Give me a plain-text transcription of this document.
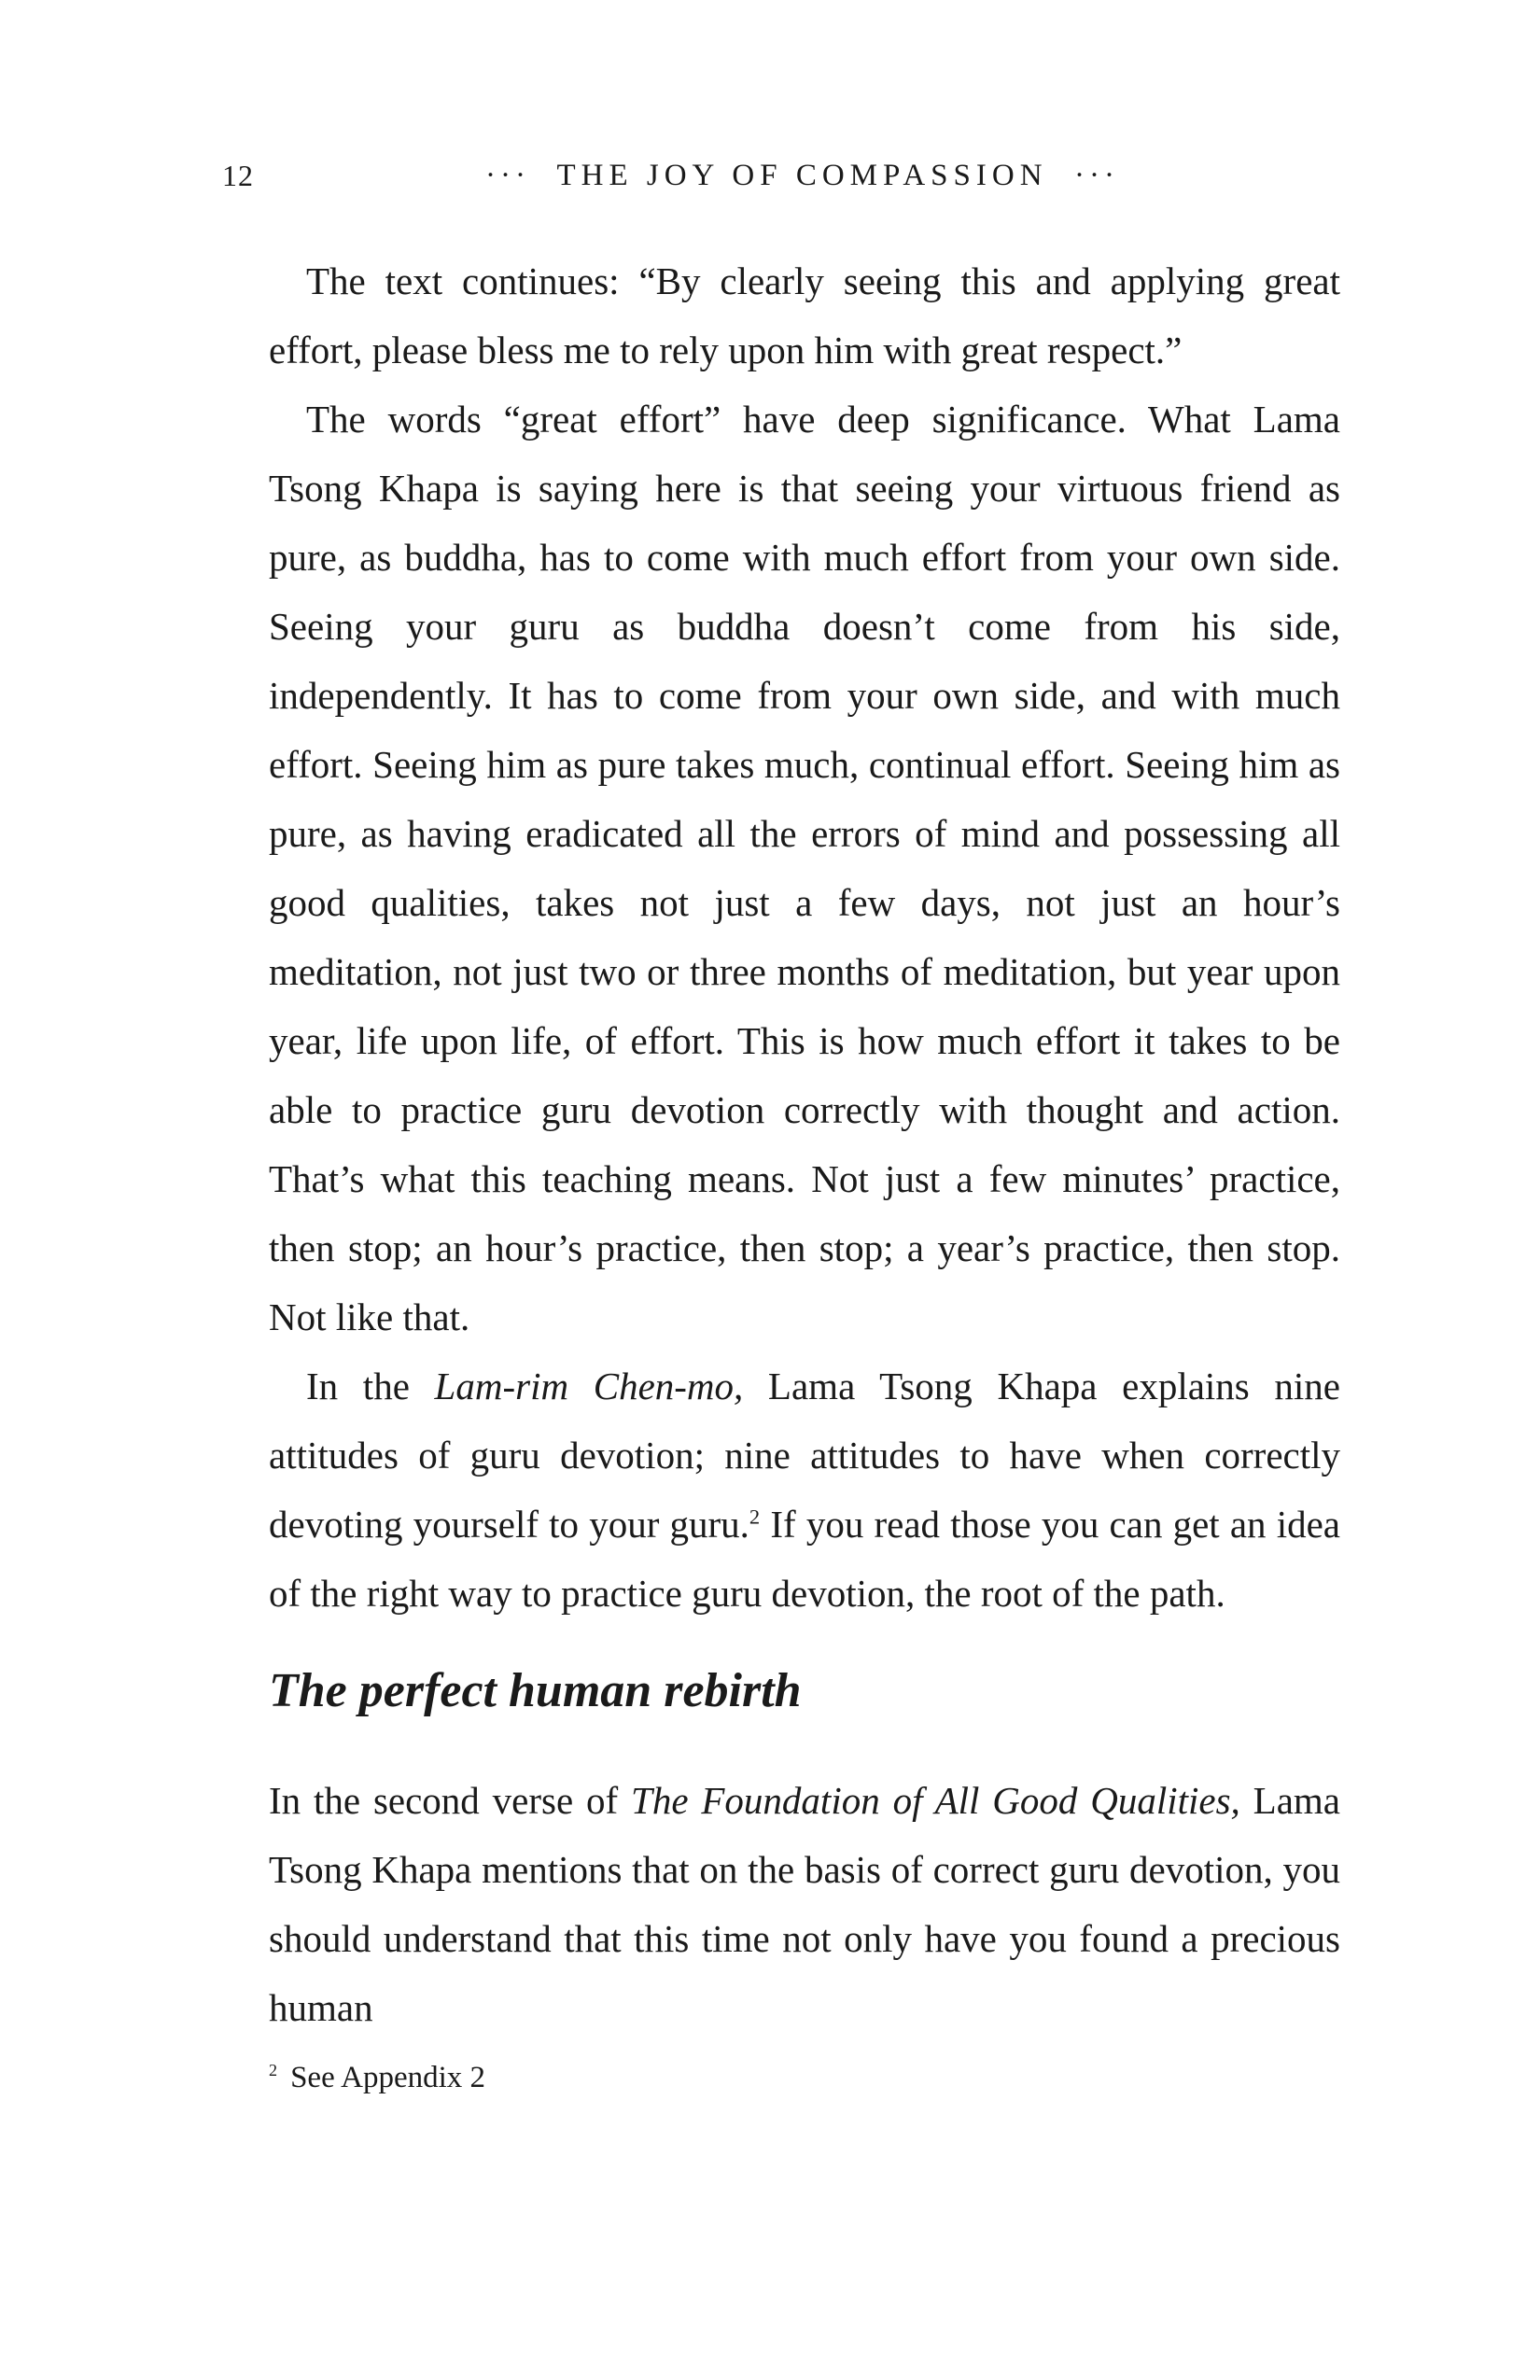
12	··· THE JOY OF COMPASSION ···

The text continues: “By clearly seeing this and applying great effort, please bless me to rely upon him with great respect.”

The words “great effort” have deep significance. What Lama Tsong Khapa is saying here is that seeing your virtuous friend as pure, as buddha, has to come with much effort from your own side. Seeing your guru as buddha doesn’t come from his side, independently. It has to come from your own side, and with much effort. Seeing him as pure takes much, continual effort. Seeing him as pure, as having eradicated all the errors of mind and possessing all good qualities, takes not just a few days, not just an hour’s meditation, not just two or three months of meditation, but year upon year, life upon life, of effort. This is how much effort it takes to be able to practice guru devotion correctly with thought and action. That’s what this teaching means. Not just a few minutes’ practice, then stop; an hour’s practice, then stop; a year’s practice, then stop. Not like that.

In the Lam-rim Chen-mo, Lama Tsong Khapa explains nine attitudes of guru devotion; nine attitudes to have when correctly devoting yourself to your guru.$^2$ If you read those you can get an idea of the right way to practice guru devotion, the root of the path.

The perfect human rebirth

In the second verse of The Foundation of All Good Qualities, Lama Tsong Khapa mentions that on the basis of correct guru devotion, you should understand that this time not only have you found a precious human

$^2$ See Appendix 2
